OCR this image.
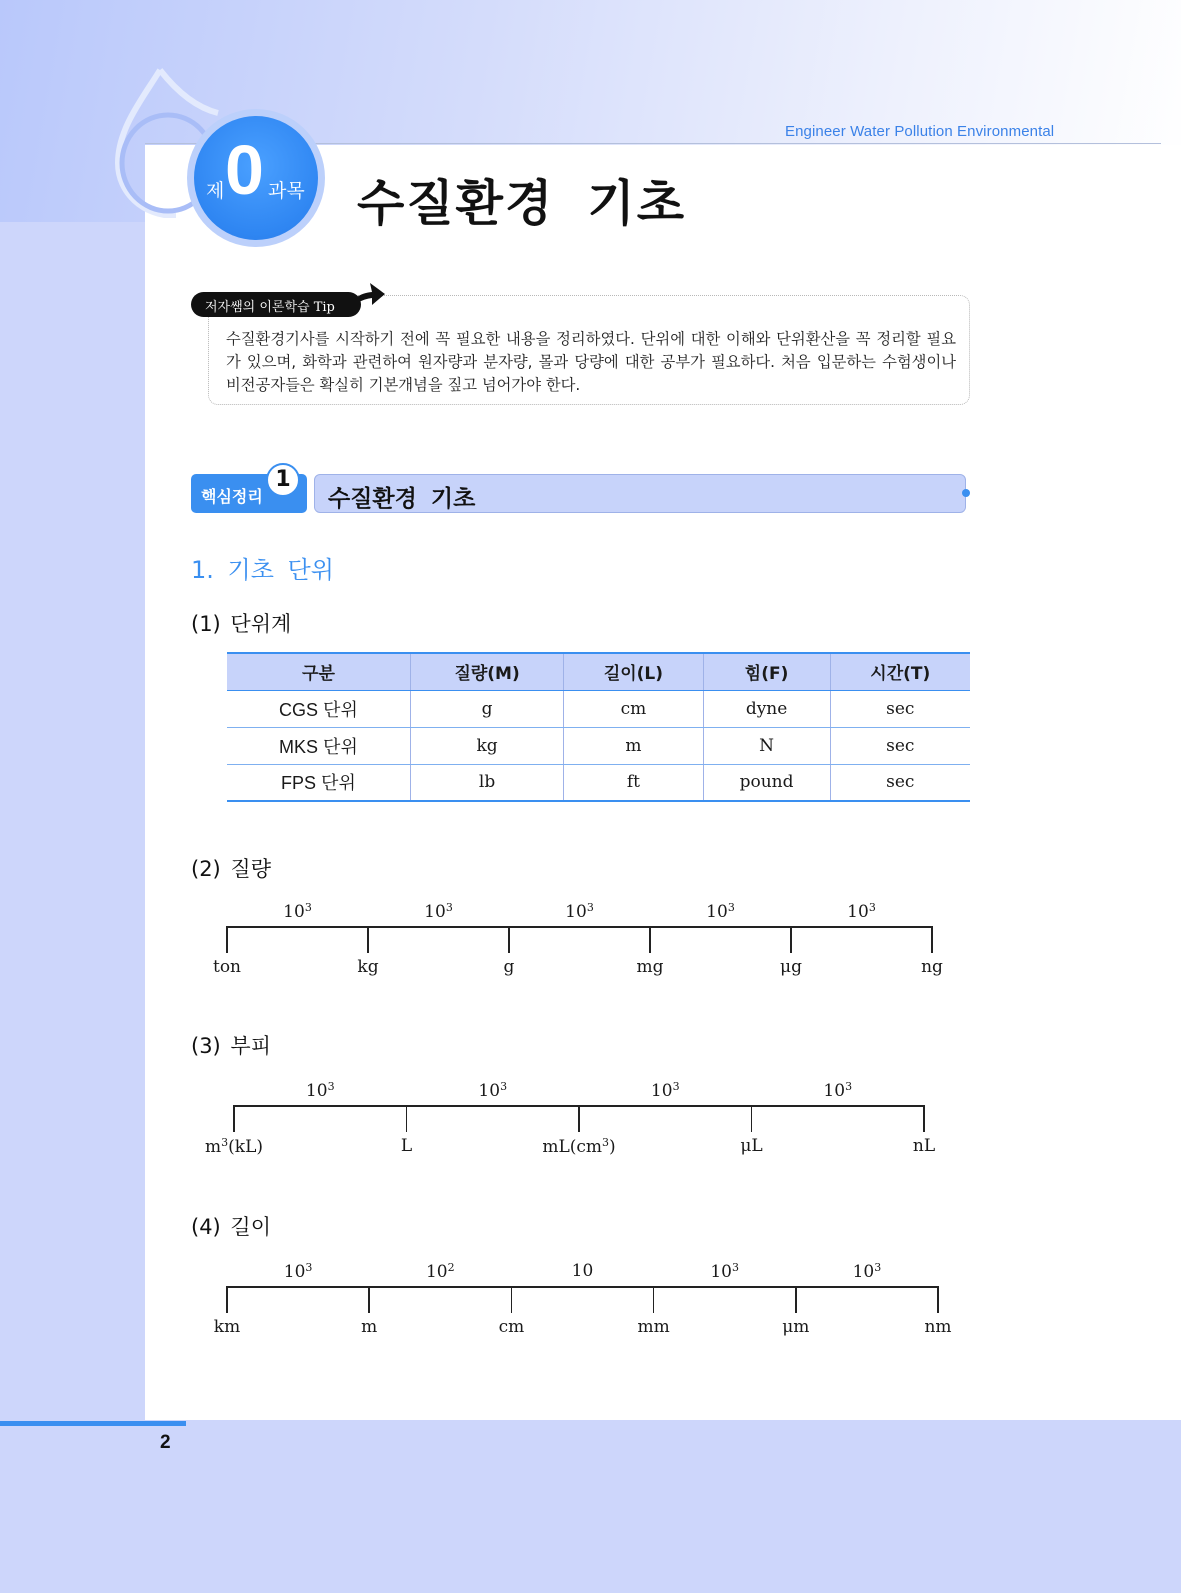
Engineer Water Pollution Environmental
제 0 과목 수질환경 기초
저자쌤의 이론학습 Tip
수질환경기사를 시작하기 전에 꼭 필요한 내용을 정리하였다. 단위에 대한 이해와 단위환산을 꼭 정리할 필요가 있으며, 화학과 관련하여 원자량과 분자량, 몰과 당량에 대한 공부가 필요하다. 처음 입문하는 수험생이나 비전공자들은 확실히 기본개념을 짚고 넘어가야 한다.
핵심정리
1
수질환경 기초
1. 기초 단위
(1) 단위계
구분	질량(M)	길이(L)	힘(F)	시간(T)
CGS 단위	g	cm	dyne	sec
MKS 단위	kg	m	N	sec
FPS 단위	lb	ft	pound	sec
(2) 질량
ton	kg	g	mg	μg	ng
$10^3$	$10^3$	$10^3$	$10^3$	$10^3$
(3) 부피
$m^3(kL)$	L	$mL(cm^3)$	μL	nL
$10^3$	$10^3$	$10^3$	$10^3$
(4) 길이
km	m	cm	mm	μm	nm
$10^3$	$10^2$	10	$10^3$	$10^3$
2
